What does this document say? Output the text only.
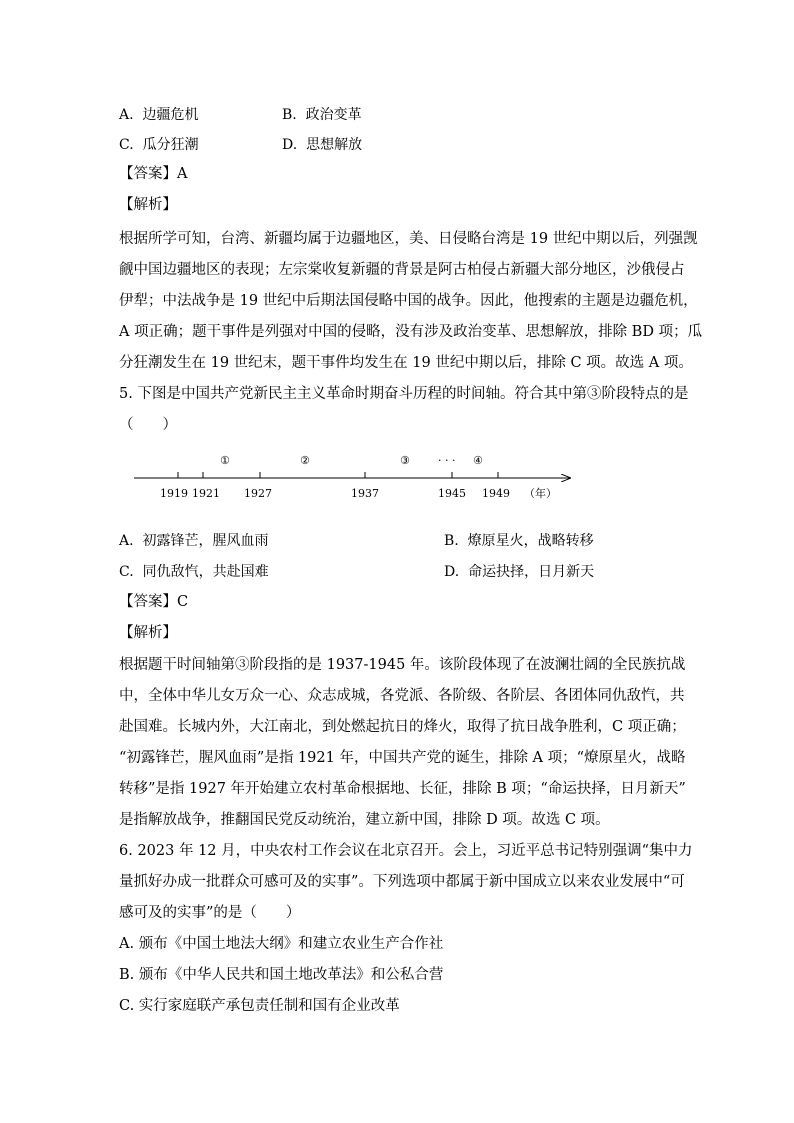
A. 边疆危机	B. 政治变革
C. 瓜分狂潮	D. 思想解放
【答案】A
【解析】
根据所学可知，台湾、新疆均属于边疆地区，美、日侵略台湾是 19 世纪中期以后，列强觊
觎中国边疆地区的表现；左宗棠收复新疆的背景是阿古柏侵占新疆大部分地区，沙俄侵占
伊犁；中法战争是 19 世纪中后期法国侵略中国的战争。因此，他搜索的主题是边疆危机，
A 项正确；题干事件是列强对中国的侵略，没有涉及政治变革、思想解放，排除 BD 项；瓜
分狂潮发生在 19 世纪末，题干事件均发生在 19 世纪中期以后，排除 C 项。故选 A 项。
5. 下图是中国共产党新民主主义革命时期奋斗历程的时间轴。符合其中第③阶段特点的是
（　　）
①	②	③	· · · ④
1919 1921 1927	1937	1945 1949 （年）
A. 初露锋芒，腥风血雨	B. 燎原星火，战略转移
C. 同仇敌忾，共赴国难	D. 命运抉择，日月新天
【答案】C
【解析】
根据题干时间轴第③阶段指的是 1937-1945 年。该阶段体现了在波澜壮阔的全民族抗战
中，全体中华儿女万众一心、众志成城，各党派、各阶级、各阶层、各团体同仇敌忾，共
赴国难。长城内外，大江南北，到处燃起抗日的烽火，取得了抗日战争胜利，C 项正确；
“初露锋芒，腥风血雨”是指 1921 年，中国共产党的诞生，排除 A 项；“燎原星火，战略
转移”是指 1927 年开始建立农村革命根据地、长征，排除 B 项；“命运抉择，日月新天”
是指解放战争，推翻国民党反动统治，建立新中国，排除 D 项。故选 C 项。
6. 2023 年 12 月，中央农村工作会议在北京召开。会上，习近平总书记特别强调“集中力
量抓好办成一批群众可感可及的实事”。下列选项中都属于新中国成立以来农业发展中“可
感可及的实事”的是（　　）
A. 颁布《中国土地法大纲》和建立农业生产合作社
B. 颁布《中华人民共和国土地改革法》和公私合营
C. 实行家庭联产承包责任制和国有企业改革
